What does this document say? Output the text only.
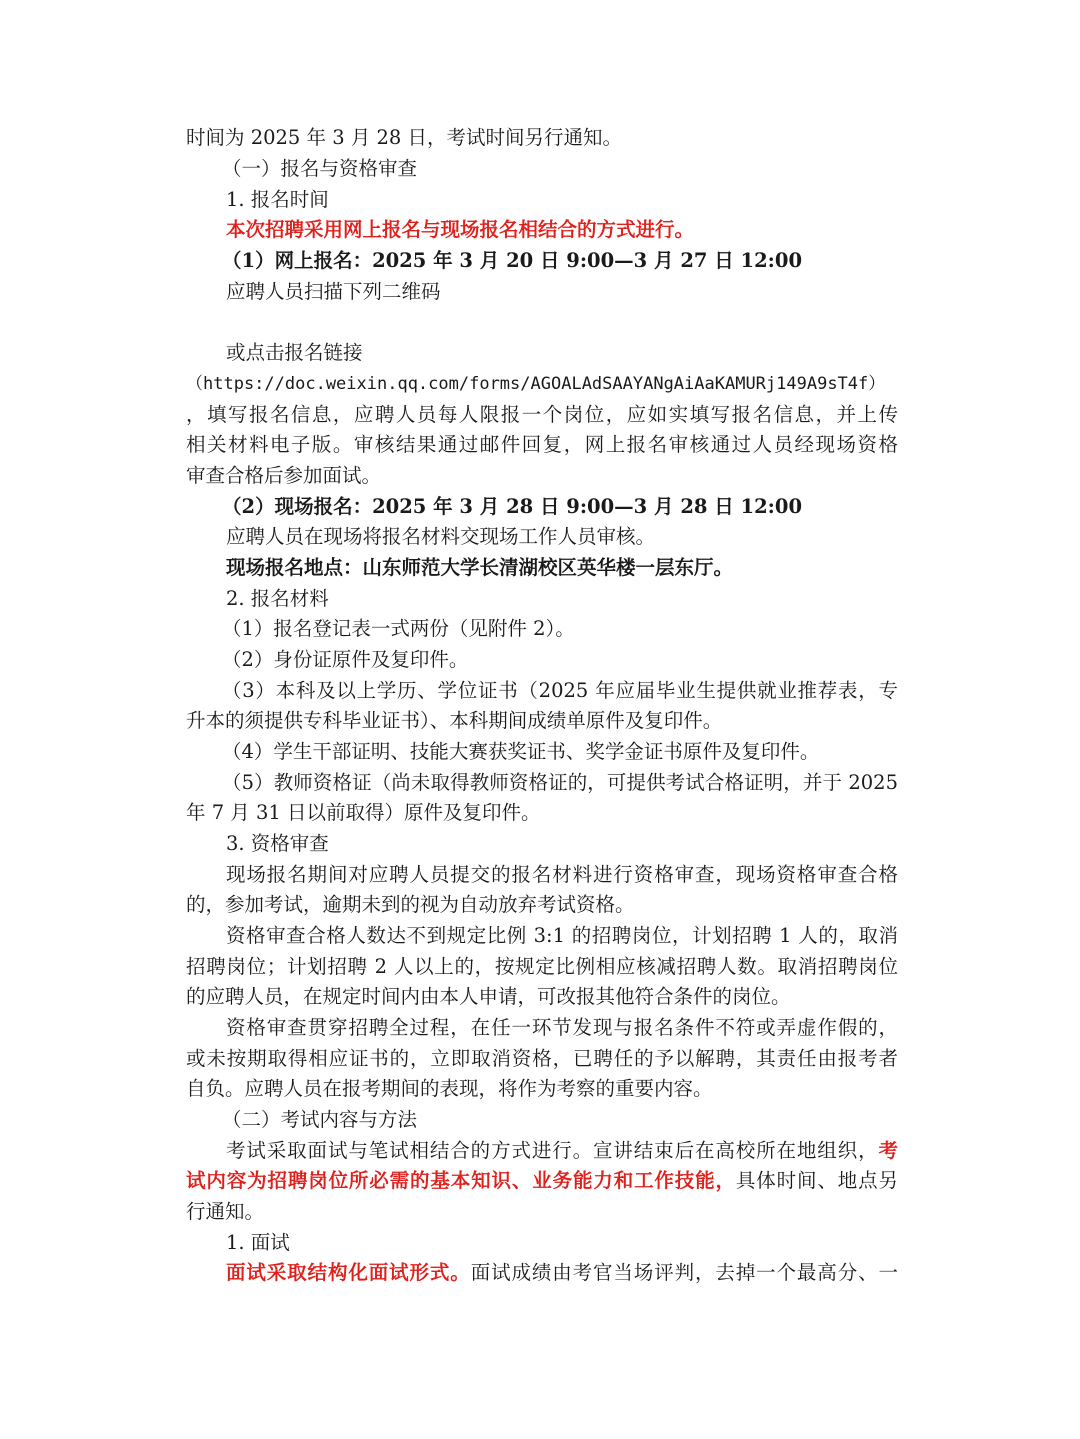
时间为 2025 年 3 月 28 日，考试时间另行通知。
（一）报名与资格审查
1. 报名时间
本次招聘采用网上报名与现场报名相结合的方式进行。
（1）网上报名：2025 年 3 月 20 日 9:00—3 月 27 日 12:00
应聘人员扫描下列二维码
或点击报名链接
（https://doc.weixin.qq.com/forms/AGOALAdSAAYANgAiAaKAMURj149A9sT4f）
，填写报名信息，应聘人员每人限报一个岗位，应如实填写报名信息，并上传
相关材料电子版。审核结果通过邮件回复，网上报名审核通过人员经现场资格
审查合格后参加面试。
（2）现场报名：2025 年 3 月 28 日 9:00—3 月 28 日 12:00
应聘人员在现场将报名材料交现场工作人员审核。
现场报名地点：山东师范大学长清湖校区英华楼一层东厅。
2. 报名材料
（1）报名登记表一式两份（见附件 2）。
（2）身份证原件及复印件。
（3）本科及以上学历、学位证书（2025 年应届毕业生提供就业推荐表，专
升本的须提供专科毕业证书）、本科期间成绩单原件及复印件。
（4）学生干部证明、技能大赛获奖证书、奖学金证书原件及复印件。
（5）教师资格证（尚未取得教师资格证的，可提供考试合格证明，并于 2025
年 7 月 31 日以前取得）原件及复印件。
3. 资格审查
现场报名期间对应聘人员提交的报名材料进行资格审查，现场资格审查合格
的，参加考试，逾期未到的视为自动放弃考试资格。
资格审查合格人数达不到规定比例 3:1 的招聘岗位，计划招聘 1 人的，取消
招聘岗位；计划招聘 2 人以上的，按规定比例相应核减招聘人数。取消招聘岗位
的应聘人员，在规定时间内由本人申请，可改报其他符合条件的岗位。
资格审查贯穿招聘全过程，在任一环节发现与报名条件不符或弄虚作假的，
或未按期取得相应证书的，立即取消资格，已聘任的予以解聘，其责任由报考者
自负。应聘人员在报考期间的表现，将作为考察的重要内容。
（二）考试内容与方法
考试采取面试与笔试相结合的方式进行。宣讲结束后在高校所在地组织，考
试内容为招聘岗位所必需的基本知识、业务能力和工作技能，具体时间、地点另
行通知。
1. 面试
面试采取结构化面试形式。面试成绩由考官当场评判，去掉一个最高分、一
